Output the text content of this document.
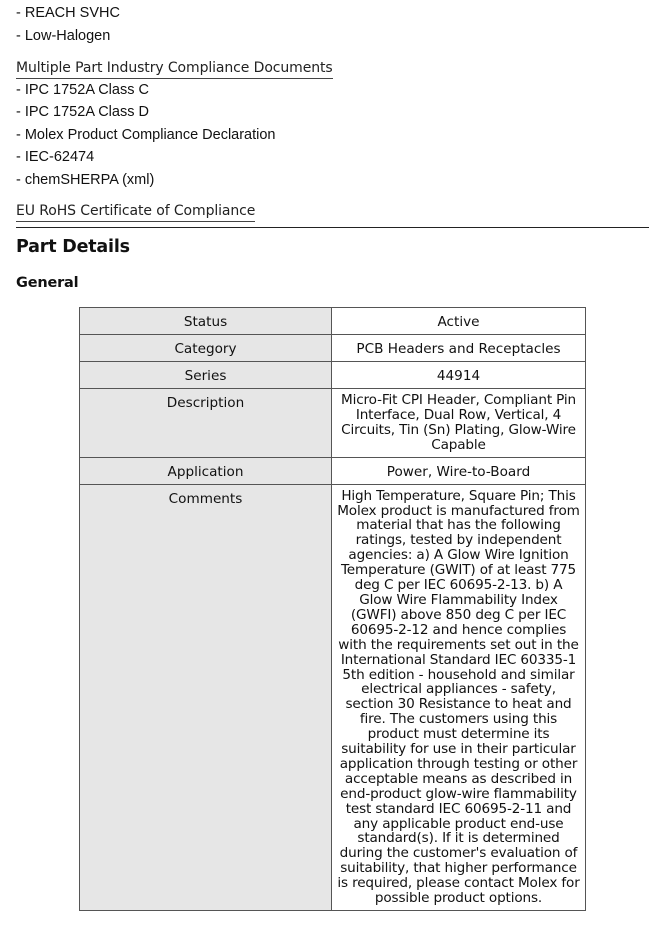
- REACH SVHC
- Low-Halogen
Multiple Part Industry Compliance Documents
- IPC 1752A Class C
- IPC 1752A Class D
- Molex Product Compliance Declaration
- IEC-62474
- chemSHERPA (xml)
EU RoHS Certificate of Compliance
Part Details
General
Status	Active
Category	PCB Headers and Receptacles
Series	44914
Description	Micro-Fit CPI Header, Compliant Pin Interface, Dual Row, Vertical, 4 Circuits, Tin (Sn) Plating, Glow-Wire Capable
Application	Power, Wire-to-Board
Comments	High Temperature, Square Pin; This Molex product is manufactured from material that has the following ratings, tested by independent agencies: a) A Glow Wire Ignition Temperature (GWIT) of at least 775 deg C per IEC 60695-2-13. b) A Glow Wire Flammability Index (GWFI) above 850 deg C per IEC 60695-2-12 and hence complies with the requirements set out in the International Standard IEC 60335-1 5th edition - household and similar electrical appliances - safety, section 30 Resistance to heat and fire. The customers using this product must determine its suitability for use in their particular application through testing or other acceptable means as described in end-product glow-wire flammability test standard IEC 60695-2-11 and any applicable product end-use standard(s). If it is determined during the customer's evaluation of suitability, that higher performance is required, please contact Molex for possible product options.
